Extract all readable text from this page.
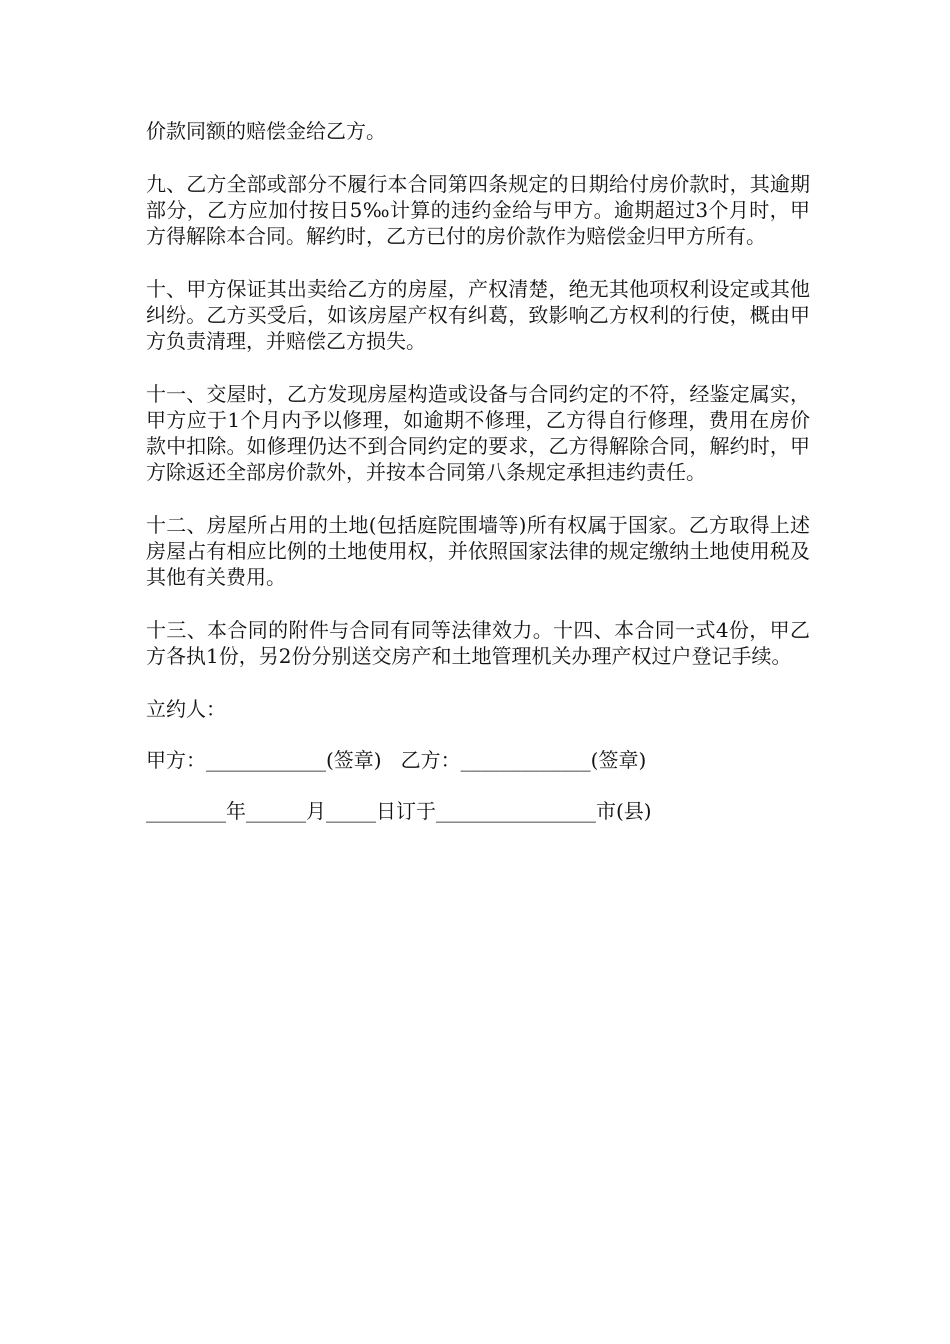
价款同额的赔偿金给乙方。

九、乙方全部或部分不履行本合同第四条规定的日期给付房价款时，其逾期部分，乙方应加付按日5‰计算的违约金给与甲方。逾期超过3个月时，甲方得解除本合同。解约时，乙方已付的房价款作为赔偿金归甲方所有。

十、甲方保证其出卖给乙方的房屋，产权清楚，绝无其他项权利设定或其他纠纷。乙方买受后，如该房屋产权有纠葛，致影响乙方权利的行使，概由甲方负责清理，并赔偿乙方损失。

十一、交屋时，乙方发现房屋构造或设备与合同约定的不符，经鉴定属实，甲方应于1个月内予以修理，如逾期不修理，乙方得自行修理，费用在房价款中扣除。如修理仍达不到合同约定的要求，乙方得解除合同，解约时，甲方除返还全部房价款外，并按本合同第八条规定承担违约责任。

十二、房屋所占用的土地(包括庭院围墙等)所有权属于国家。乙方取得上述房屋占有相应比例的土地使用权，并依照国家法律的规定缴纳土地使用税及其他有关费用。

十三、本合同的附件与合同有同等法律效力。十四、本合同一式4份，甲乙方各执1份，另2份分别送交房产和土地管理机关办理产权过户登记手续。

立约人：

甲方：____________(签章)   乙方：_____________(签章)

________年______月_____日订于________________市(县)
